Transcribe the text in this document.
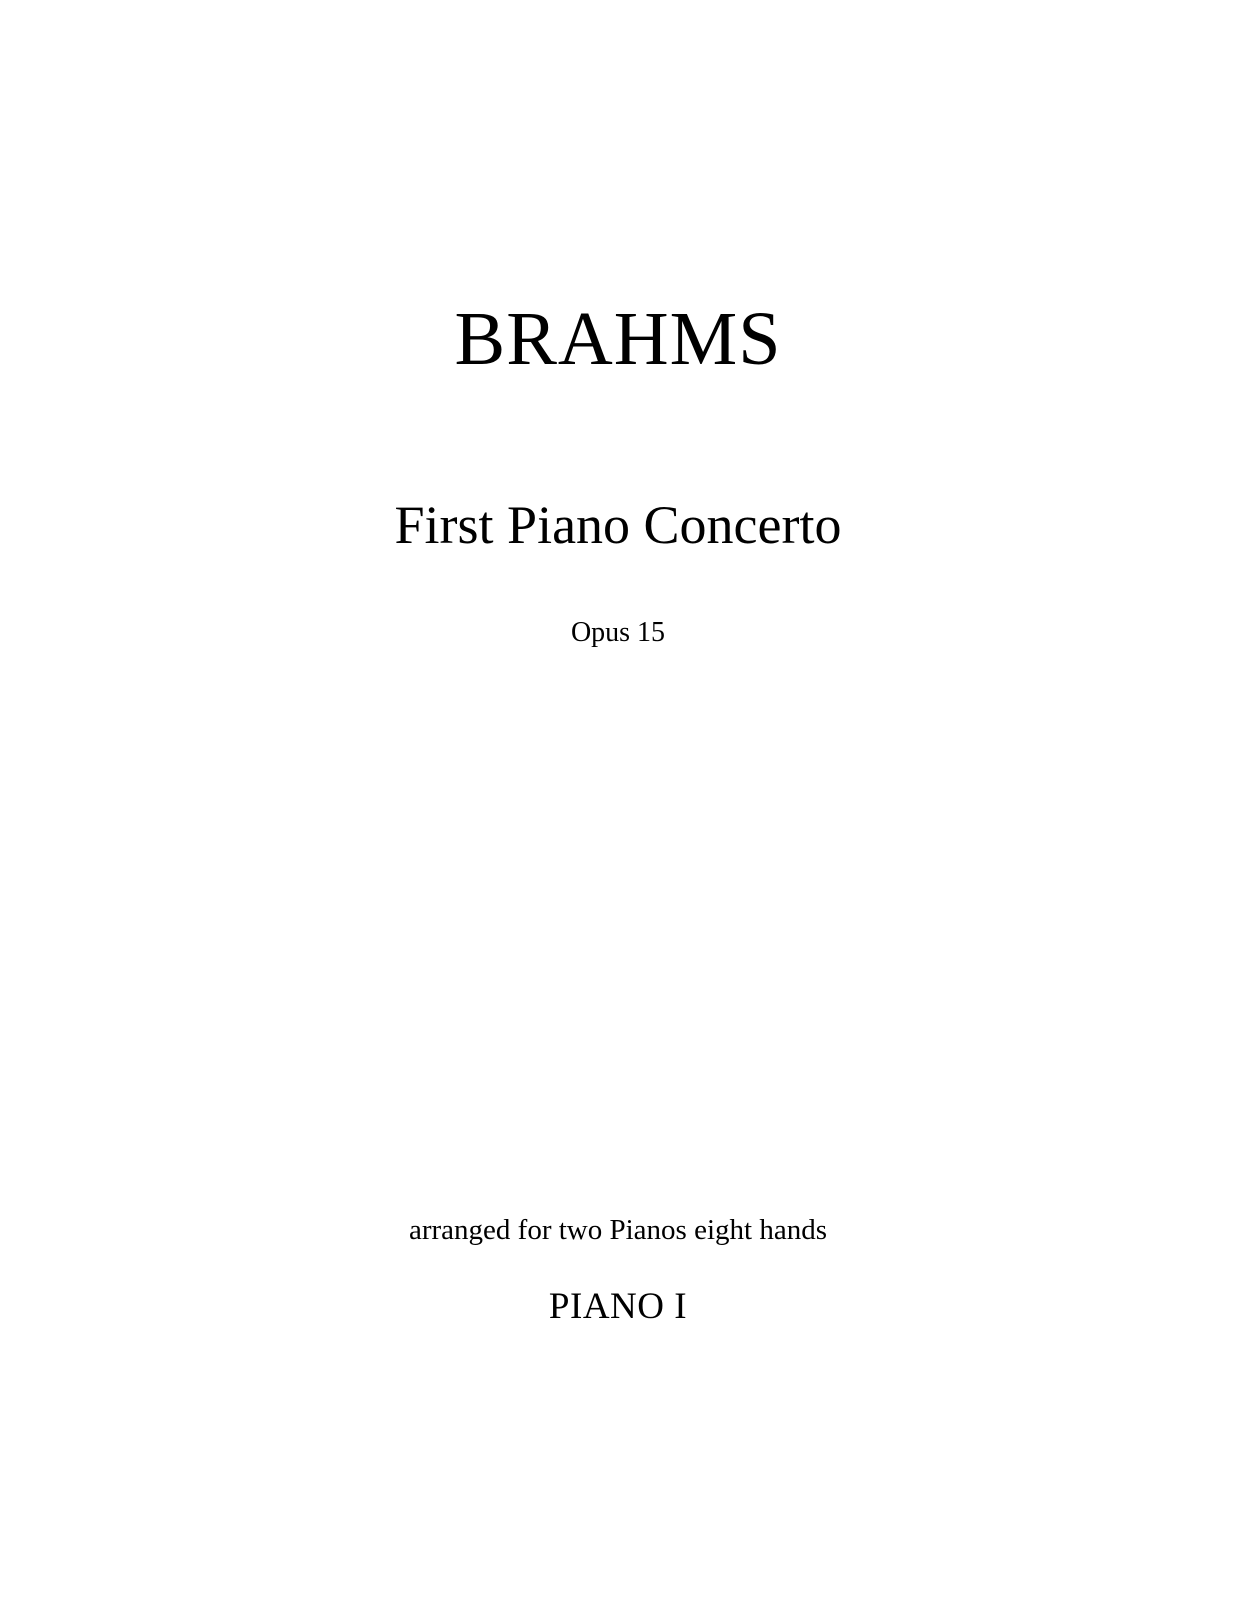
BRAHMS
First Piano Concerto

Opus 15

arranged for two Pianos eight hands

PIANO I
